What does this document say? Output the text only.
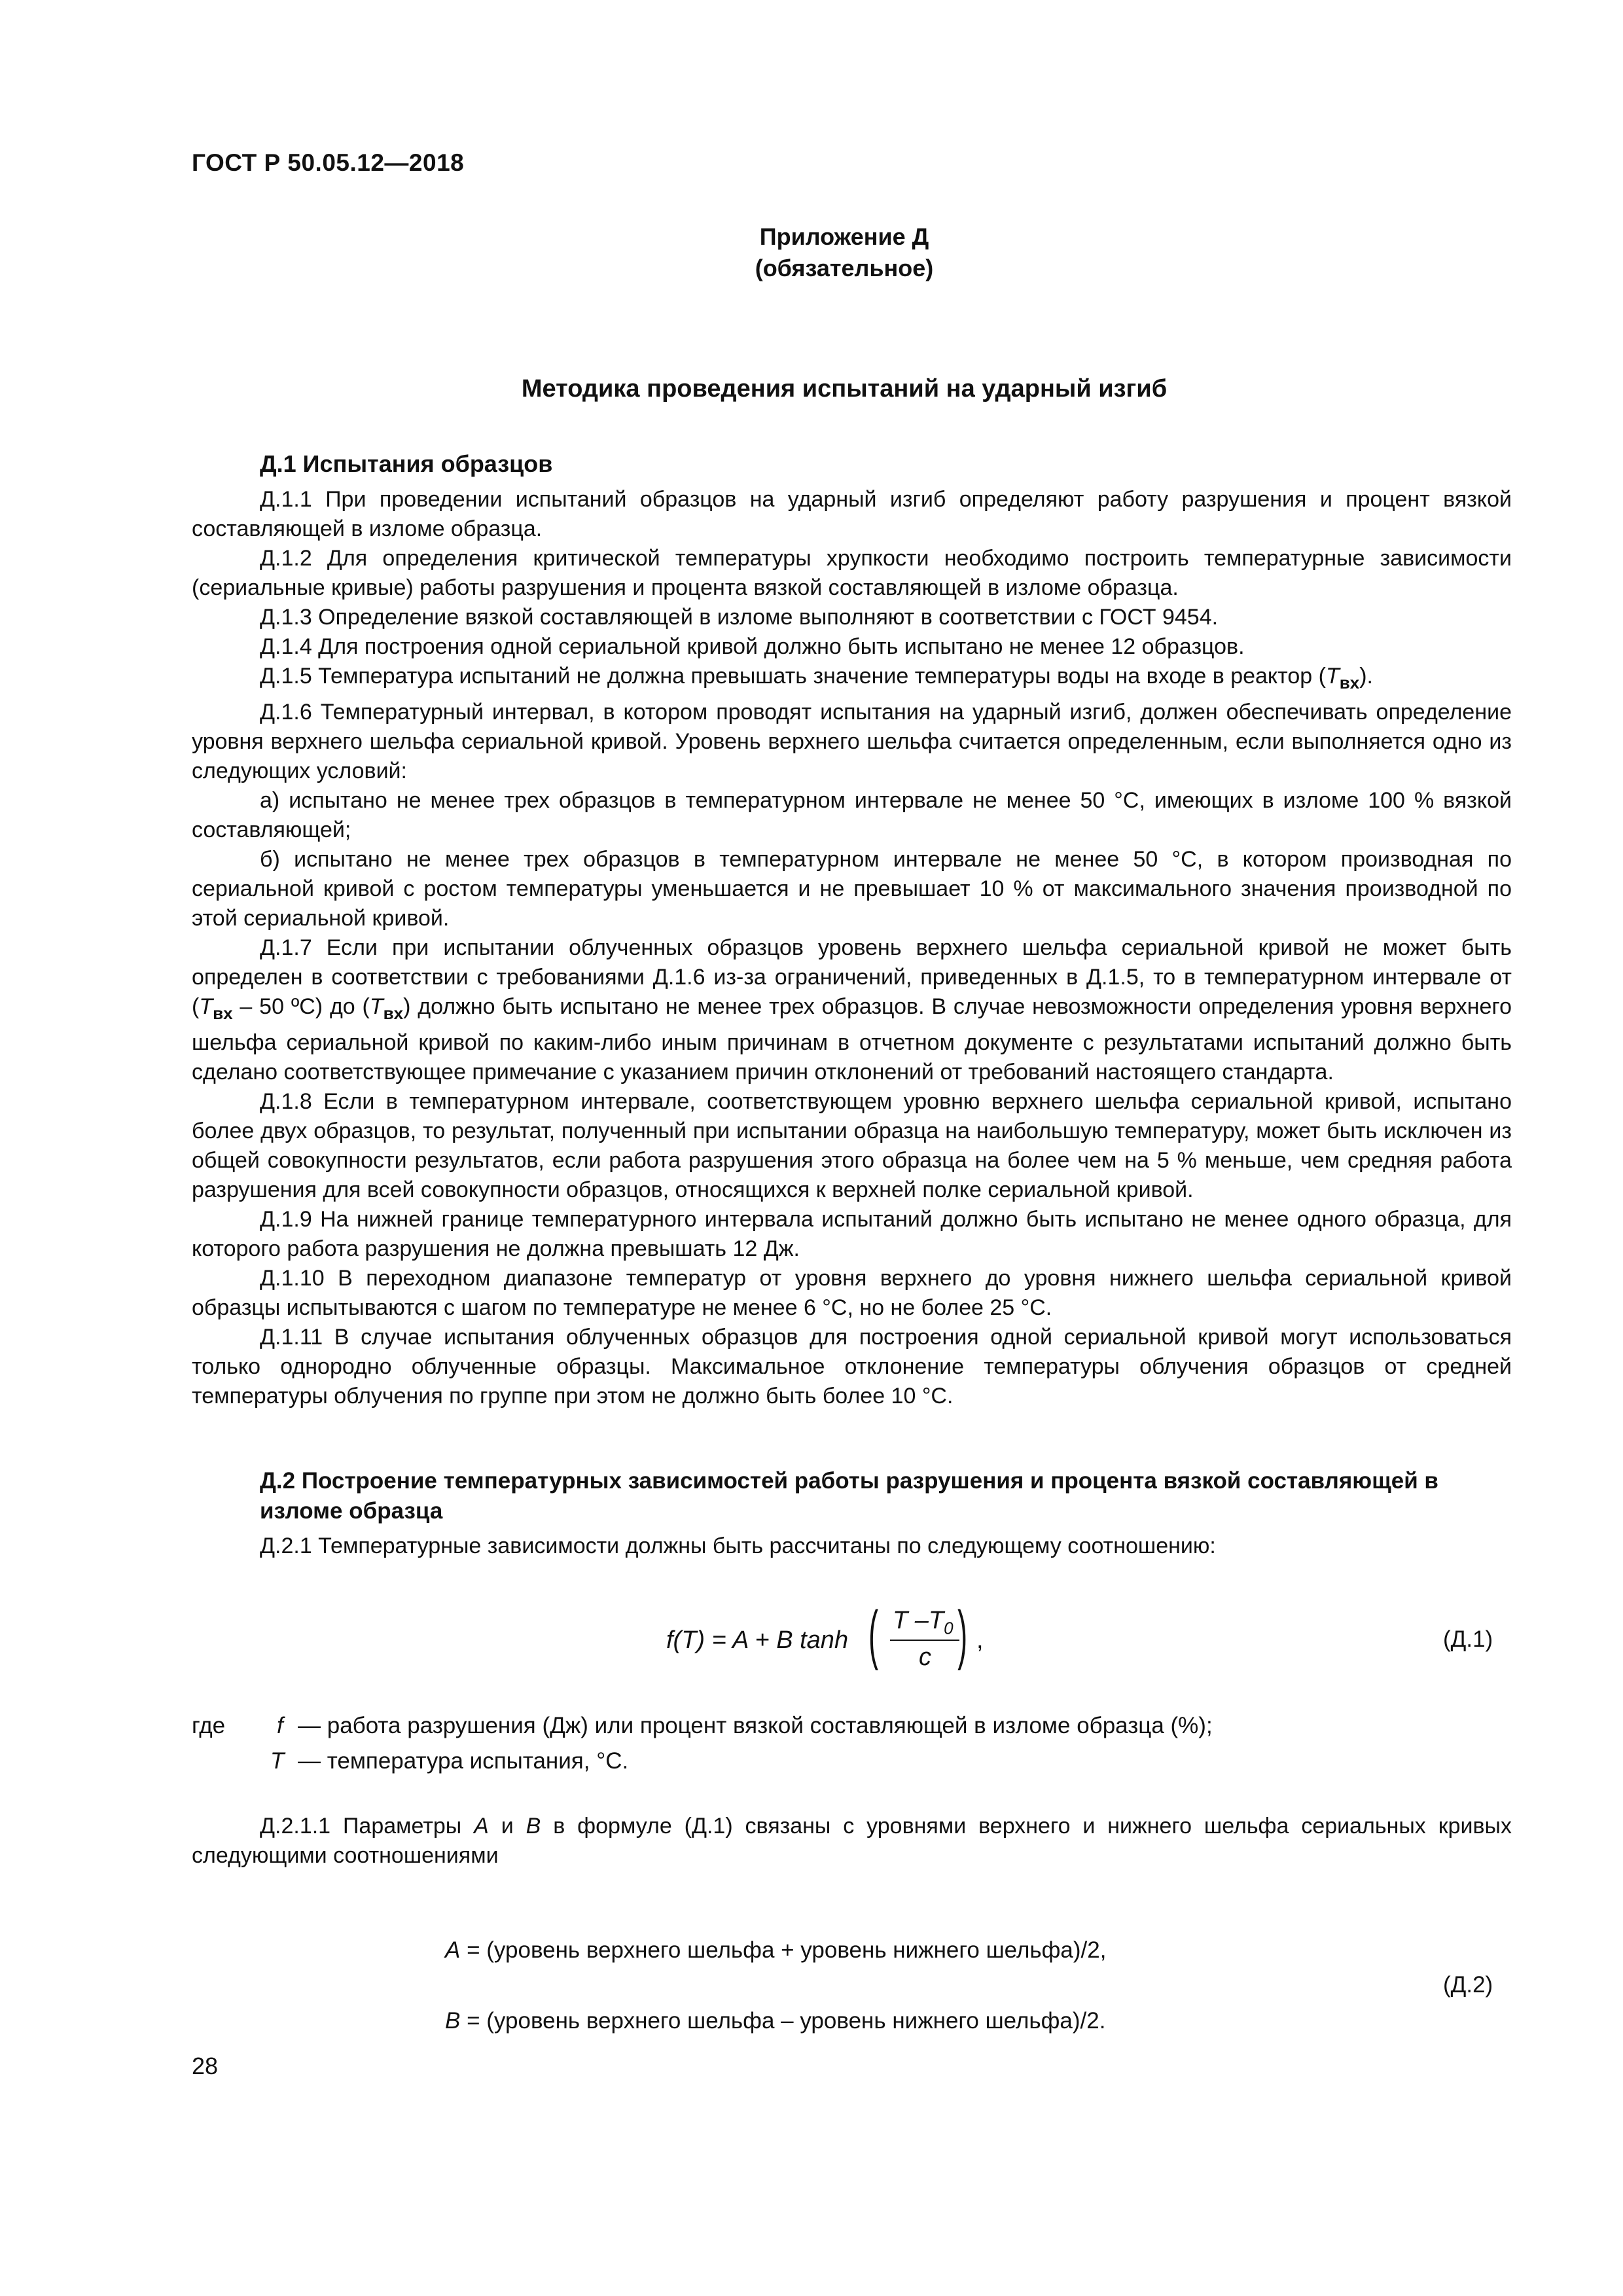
ГОСТ Р 50.05.12—2018
Приложение Д
(обязательное)
Методика проведения испытаний на ударный изгиб
Д.1 Испытания образцов

Д.1.1 При проведении испытаний образцов на ударный изгиб определяют работу разрушения и процент вязкой составляющей в изломе образца.

Д.1.2 Для определения критической температуры хрупкости необходимо построить температурные зависимости (сериальные кривые) работы разрушения и процента вязкой составляющей в изломе образца.

Д.1.3 Определение вязкой составляющей в изломе выполняют в соответствии с ГОСТ 9454.

Д.1.4 Для построения одной сериальной кривой должно быть испытано не менее 12 образцов.

Д.1.5 Температура испытаний не должна превышать значение температуры воды на входе в реактор $(T_{вх})$.

Д.1.6 Температурный интервал, в котором проводят испытания на ударный изгиб, должен обеспечивать определение уровня верхнего шельфа сериальной кривой. Уровень верхнего шельфа считается определенным, если выполняется одно из следующих условий:

а) испытано не менее трех образцов в температурном интервале не менее 50 °С, имеющих в изломе 100 % вязкой составляющей;

б) испытано не менее трех образцов в температурном интервале не менее 50 °С, в котором производная по сериальной кривой с ростом температуры уменьшается и не превышает 10 % от максимального значения производной по этой сериальной кривой.

Д.1.7 Если при испытании облученных образцов уровень верхнего шельфа сериальной кривой не может быть определен в соответствии с требованиями Д.1.6 из-за ограничений, приведенных в Д.1.5, то в температурном интервале от ($T_{вх} - 50$ ºС) до $(T_{вх})$ должно быть испытано не менее трех образцов. В случае невозможности определения уровня верхнего шельфа сериальной кривой по каким-либо иным причинам в отчетном документе с результатами испытаний должно быть сделано соответствующее примечание с указанием причин отклонений от требований настоящего стандарта.

Д.1.8 Если в температурном интервале, соответствующем уровню верхнего шельфа сериальной кривой, испытано более двух образцов, то результат, полученный при испытании образца на наибольшую температуру, может быть исключен из общей совокупности результатов, если работа разрушения этого образца на более чем на 5 % меньше, чем средняя работа разрушения для всей совокупности образцов, относящихся к верхней полке сериальной кривой.

Д.1.9 На нижней границе температурного интервала испытаний должно быть испытано не менее одного образца, для которого работа разрушения не должна превышать 12 Дж.

Д.1.10 В переходном диапазоне температур от уровня верхнего до уровня нижнего шельфа сериальной кривой образцы испытываются с шагом по температуре не менее 6 °С, но не более 25 °С.

Д.1.11 В случае испытания облученных образцов для построения одной сериальной кривой могут использоваться только однородно облученные образцы. Максимальное отклонение температуры облучения образцов от средней температуры облучения по группе при этом не должно быть более 10 °С.

Д.2 Построение температурных зависимостей работы разрушения и процента вязкой составляющей в изломе образца

Д.2.1 Температурные зависимости должны быть рассчитаны по следующему соотношению:

f(T) = A + B tanh ( T $-T_0$
c ) ,	(Д.1)
где f — работа разрушения (Дж) или процент вязкой составляющей в изломе образца (%);
T — температура испытания, °С.

Д.2.1.1 Параметры A и B в формуле (Д.1) связаны с уровнями верхнего и нижнего шельфа сериальных кривых следующими соотношениями

A = (уровень верхнего шельфа + уровень нижнего шельфа)/2,
B = (уровень верхнего шельфа – уровень нижнего шельфа)/2.
(Д.2)
28
